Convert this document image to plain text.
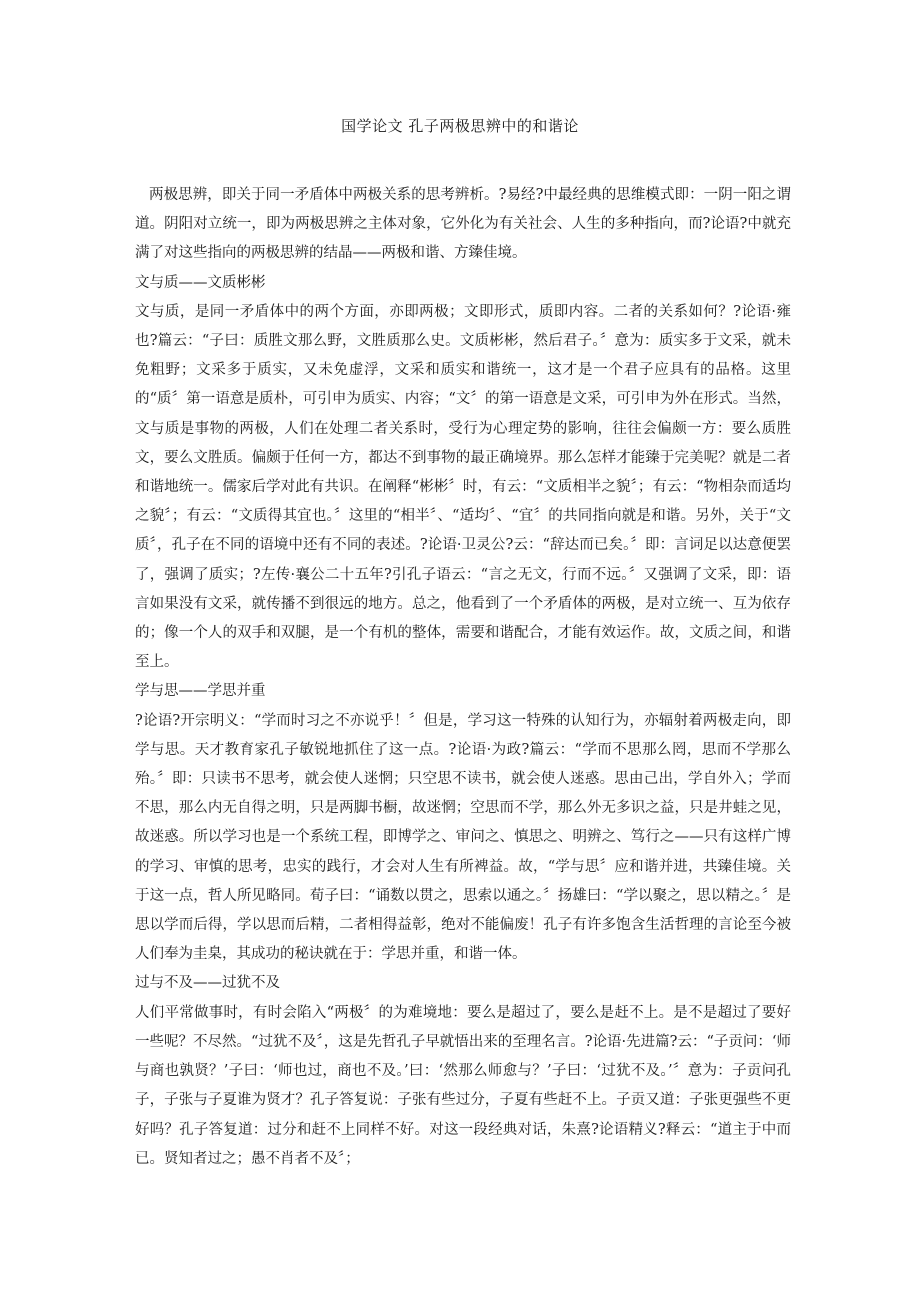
国学论文 孔子两极思辨中的和谐论

两极思辨，即关于同一矛盾体中两极关系的思考辨析。?易经?中最经典的思维模式即：一阴一阳之谓道。阴阳对立统一，即为两极思辨之主体对象，它外化为有关社会、人生的多种指向，而?论语?中就充满了对这些指向的两极思辨的结晶——两极和谐、方臻佳境。

文与质——文质彬彬

文与质，是同一矛盾体中的两个方面，亦即两极；文即形式，质即内容。二者的关系如何？?论语·雍也?篇云：“子曰：质胜文那么野，文胜质那么史。文质彬彬，然后君子。〞意为：质实多于文采，就未免粗野；文采多于质实，又未免虚浮，文采和质实和谐统一，这才是一个君子应具有的品格。这里的“质〞第一语意是质朴，可引申为质实、内容；“文〞的第一语意是文采，可引申为外在形式。当然，文与质是事物的两极，人们在处理二者关系时，受行为心理定势的影响，往往会偏颇一方：要么质胜文，要么文胜质。偏颇于任何一方，都达不到事物的最正确境界。那么怎样才能臻于完美呢？就是二者和谐地统一。儒家后学对此有共识。在阐释“彬彬〞时，有云：“文质相半之貌〞；有云：“物相杂而适均之貌〞；有云：“文质得其宜也。〞这里的“相半〞、“适均〞、“宜〞的共同指向就是和谐。另外，关于“文质〞，孔子在不同的语境中还有不同的表述。?论语·卫灵公?云：“辞达而已矣。〞即：言词足以达意便罢了，强调了质实；?左传·襄公二十五年?引孔子语云：“言之无文，行而不远。〞又强调了文采，即：语言如果没有文采，就传播不到很远的地方。总之，他看到了一个矛盾体的两极，是对立统一、互为依存的；像一个人的双手和双腿，是一个有机的整体，需要和谐配合，才能有效运作。故，文质之间，和谐至上。

学与思——学思并重

?论语?开宗明义：“学而时习之不亦说乎！〞但是，学习这一特殊的认知行为，亦辐射着两极走向，即学与思。天才教育家孔子敏锐地抓住了这一点。?论语·为政?篇云：“学而不思那么罔，思而不学那么殆。〞即：只读书不思考，就会使人迷惘；只空思不读书，就会使人迷惑。思由己出，学自外入；学而不思，那么内无自得之明，只是两脚书橱，故迷惘；空思而不学，那么外无多识之益，只是井蛙之见，故迷惑。所以学习也是一个系统工程，即博学之、审问之、慎思之、明辨之、笃行之——只有这样广博的学习、审慎的思考，忠实的践行，才会对人生有所裨益。故，“学与思〞应和谐并进，共臻佳境。关于这一点，哲人所见略同。荀子曰：“诵数以贯之，思索以通之。〞扬雄曰：“学以聚之，思以精之。〞是思以学而后得，学以思而后精，二者相得益彰，绝对不能偏废！孔子有许多饱含生活哲理的言论至今被人们奉为圭臬，其成功的秘诀就在于：学思并重，和谐一体。

过与不及——过犹不及

人们平常做事时，有时会陷入“两极〞的为难境地：要么是超过了，要么是赶不上。是不是超过了要好一些呢？不尽然。“过犹不及〞，这是先哲孔子早就悟出来的至理名言。?论语·先进篇?云：“子贡问：‘师与商也孰贤？’子曰：‘师也过，商也不及。’曰：‘然那么师愈与？’子曰：‘过犹不及。’〞意为：子贡问孔子，子张与子夏谁为贤才？孔子答复说：子张有些过分，子夏有些赶不上。子贡又道：子张更强些不更好吗？孔子答复道：过分和赶不上同样不好。对这一段经典对话，朱熹?论语精义?释云：“道主于中而已。贤知者过之；愚不肖者不及〞；
